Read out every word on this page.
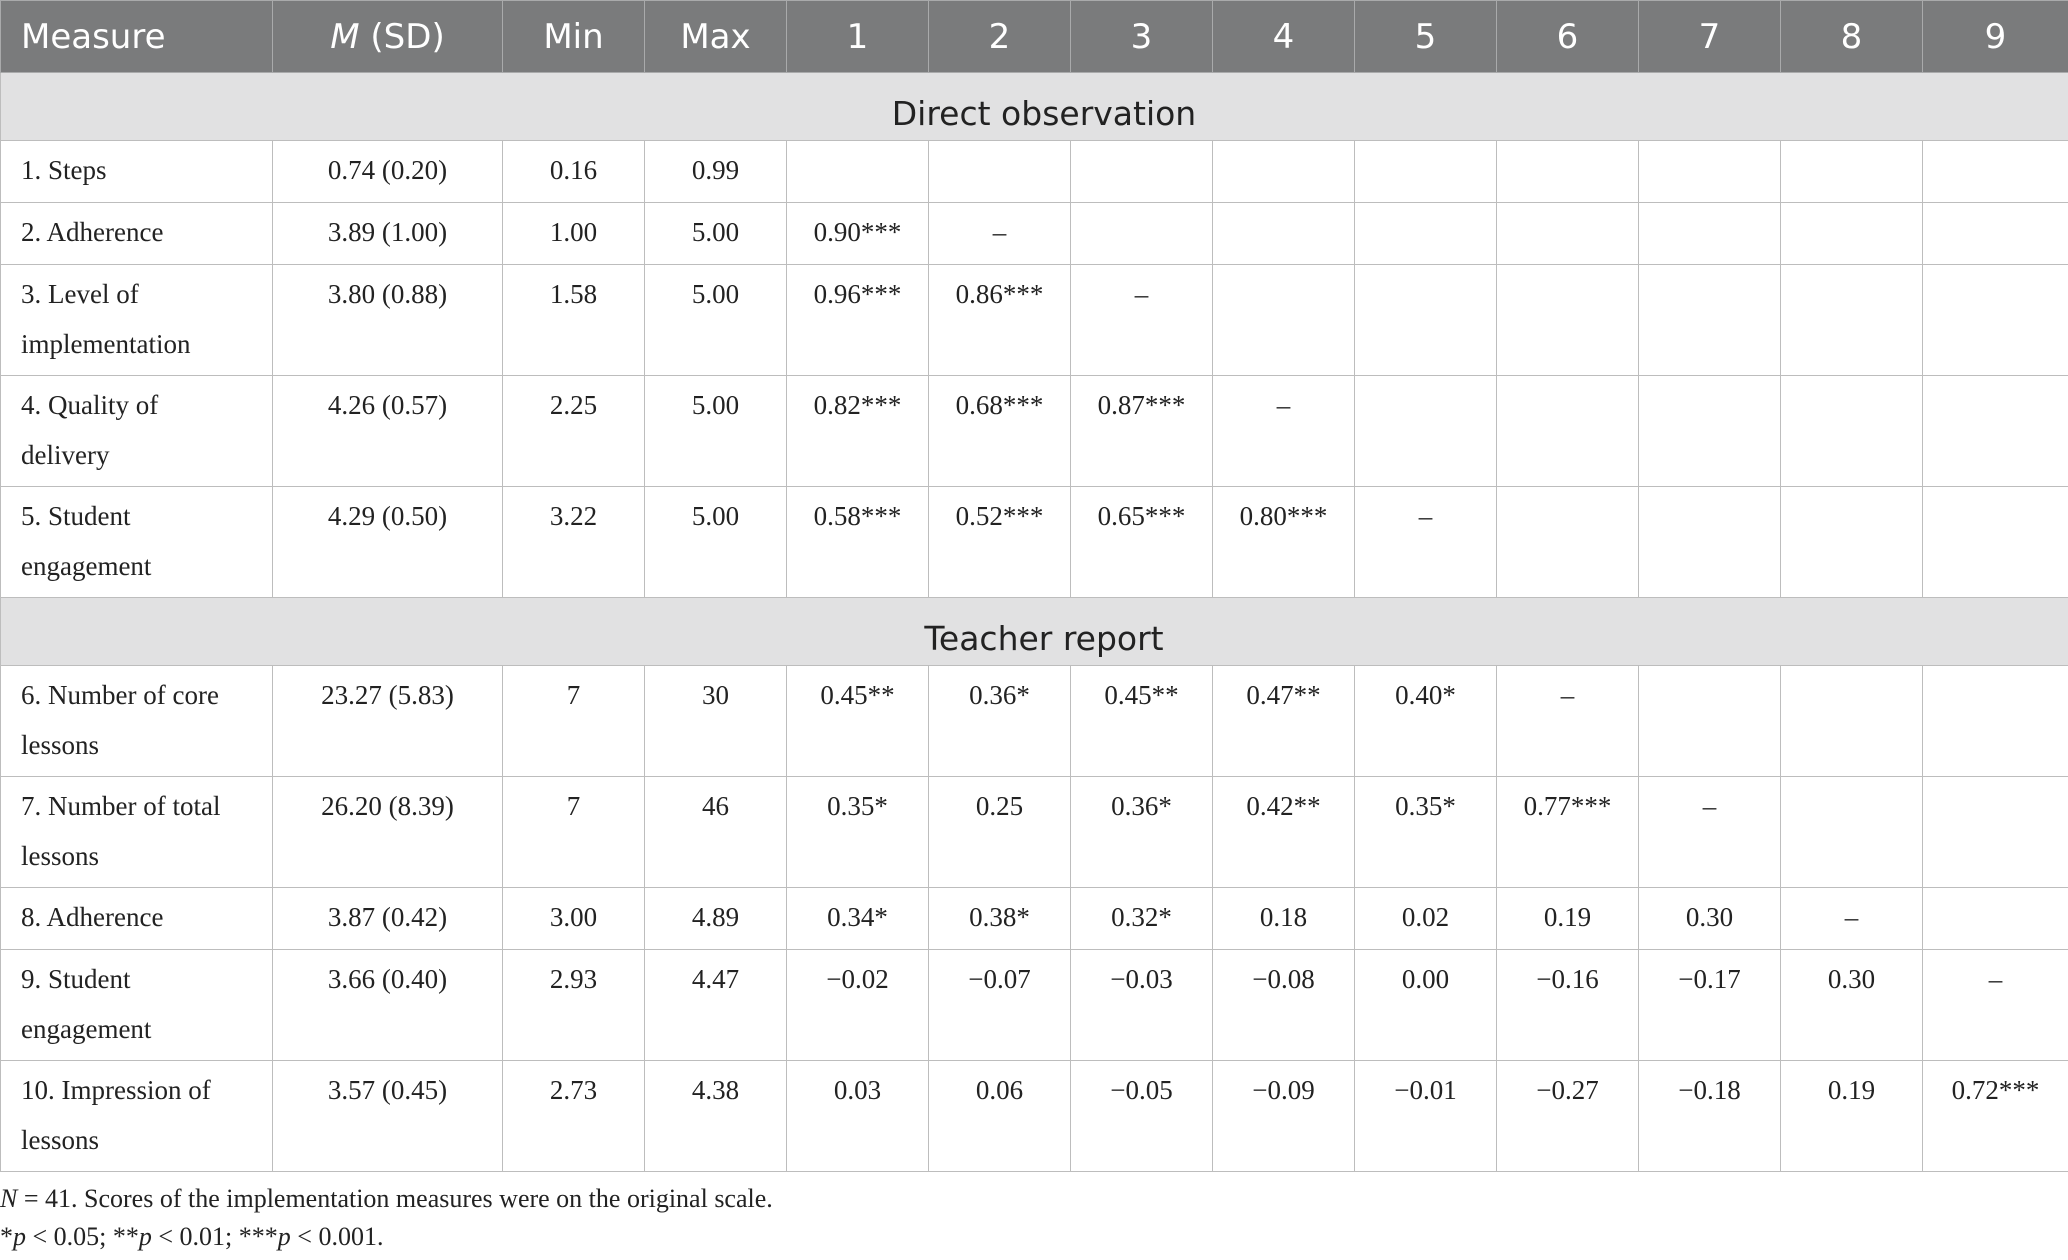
Measure	M (SD)	Min	Max	1	2	3	4	5	6	7	8	9
Direct observation												

1. Steps	0.74 (0.20)	0.16	0.99									

2. Adherence	3.89 (1.00)	1.00	5.00	0.90***	–							

3. Level of implementation	3.80 (0.88)	1.58	5.00	0.96***	0.86***	–						

4. Quality of delivery	4.26 (0.57)	2.25	5.00	0.82***	0.68***	0.87***	–					

5. Student engagement	4.29 (0.50)	3.22	5.00	0.58***	0.52***	0.65***	0.80***	–				

Teacher report												

6. Number of core lessons	23.27 (5.83)	7	30	0.45**	0.36*	0.45**	0.47**	0.40*	–			

7. Number of total lessons	26.20 (8.39)	7	46	0.35*	0.25	0.36*	0.42**	0.35*	0.77***	–		

8. Adherence	3.87 (0.42)	3.00	4.89	0.34*	0.38*	0.32*	0.18	0.02	0.19	0.30	–	

9. Student engagement	3.66 (0.40)	2.93	4.47	−0.02	−0.07	−0.03	−0.08	0.00	−0.16	−0.17	0.30	–

10. Impression of lessons	3.57 (0.45)	2.73	4.38	0.03	0.06	−0.05	−0.09	−0.01	−0.27	−0.18	0.19	0.72***
N = 41. Scores of the implementation measures were on the original scale.
*p < 0.05; **p < 0.01; ***p < 0.001.
